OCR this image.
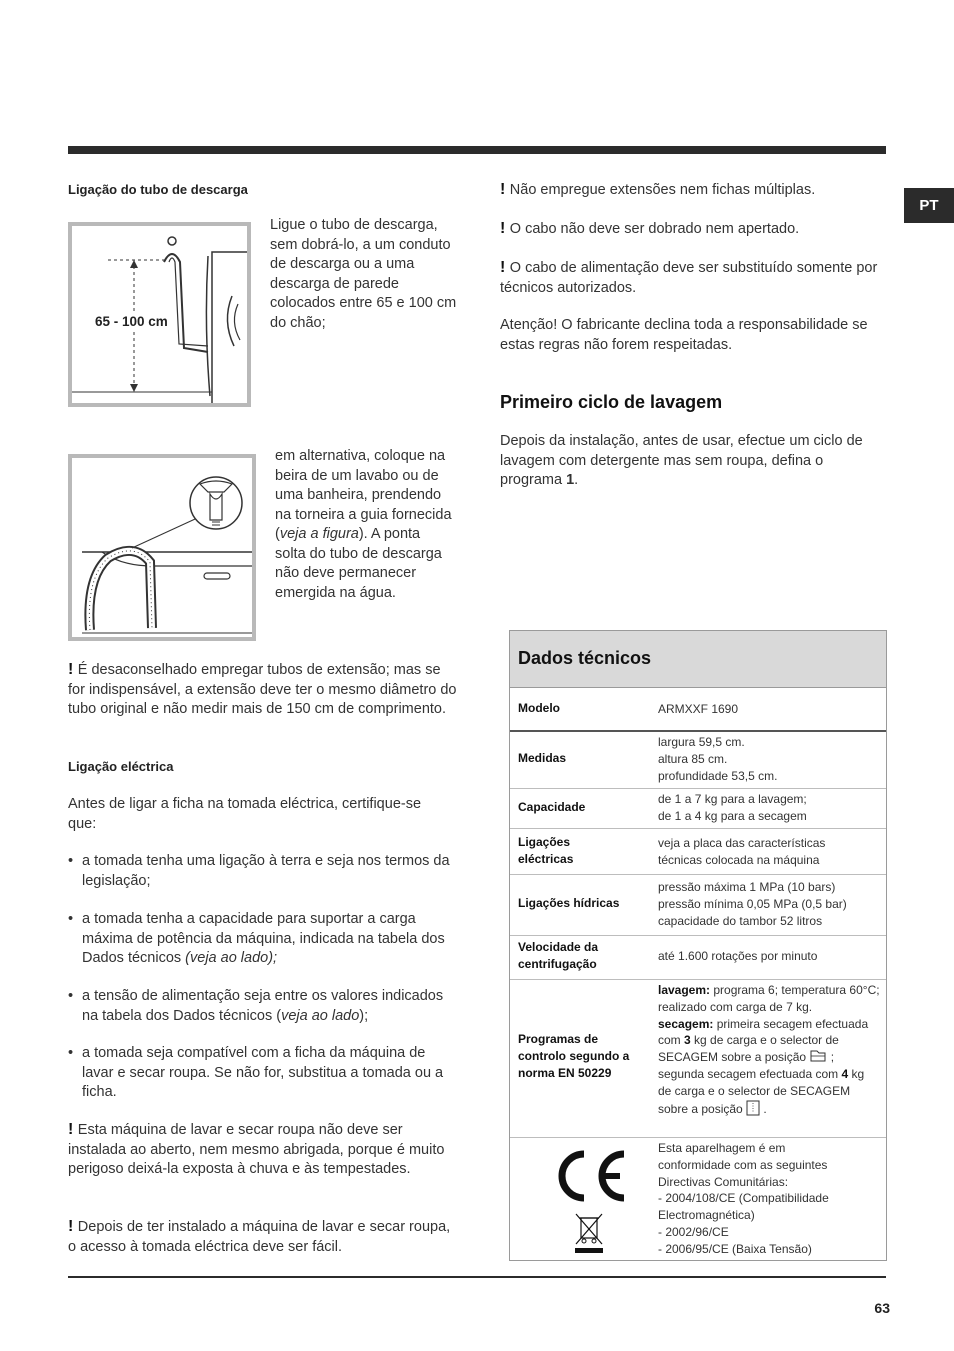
PT
Ligação do tubo de descarga
65 - 100 cm
Ligue o tubo de descarga, sem dobrá-lo, a um conduto de descarga ou a uma descarga de parede colocados entre 65 e 100 cm do chão;
em alternativa, coloque na beira de um lavabo ou de uma banheira, prendendo na torneira a guia fornecida (veja a figura). A ponta solta do tubo de descarga não deve permanecer emergida na água.
! É desaconselhado empregar tubos de extensão; mas se for indispensável, a extensão deve ter o mesmo diâmetro do tubo original e não medir mais de 150 cm de comprimento.
Ligação eléctrica
Antes de ligar a ficha na tomada eléctrica, certifique-se que:
• a tomada tenha uma ligação à terra e seja nos termos da legislação;
• a tomada tenha a capacidade para suportar a carga máxima de potência da máquina, indicada na tabela dos Dados técnicos (veja ao lado);
• a tensão de alimentação seja entre os valores indicados na tabela dos Dados técnicos (veja ao lado);
• a tomada seja compatível com a ficha da máquina de lavar e secar roupa. Se não for, substitua a tomada ou a ficha.
! Esta máquina de lavar e secar roupa não deve ser instalada ao aberto, nem mesmo abrigada, porque é muito perigoso deixá-la exposta à chuva e às tempestades.
! Depois de ter instalado a máquina de lavar e secar roupa, o acesso à tomada eléctrica deve ser fácil.
! Não empregue extensões nem fichas múltiplas.
! O cabo não deve ser dobrado nem apertado.
! O cabo de alimentação deve ser substituído somente por técnicos autorizados.
Atenção! O fabricante declina toda a responsabilidade se estas regras não forem respeitadas.
Primeiro ciclo de lavagem
Depois da instalação, antes de usar, efectue um ciclo de lavagem com detergente mas sem roupa, defina o programa 1.
Dados técnicos
Modelo	ARMXXF 1690
Medidas
largura 59,5 cm.
altura 85 cm.
profundidade 53,5 cm.
Capacidade
de 1 a 7 kg para a lavagem;
de 1 a 4 kg para a secagem
Ligações eléctricas
veja a placa das características
técnicas colocada na máquina
Ligações hídricas
pressão máxima 1 MPa (10 bars)
pressão mínima 0,05 MPa (0,5 bar)
capacidade do tambor 52 litros
Velocidade da centrifugação
até 1.600 rotações por minuto
Programas de controlo segundo a norma EN 50229
lavagem: programa 6; temperatura 60°C; realizado com carga de 7 kg.
secagem: primeira secagem efectuada com 3 kg de carga e o selector de SECAGEM sobre a posição  ;
segunda secagem efectuada com 4 kg de carga e o selector de SECAGEM sobre a posição  .
Esta aparelhagem é em
conformidade com as seguintes
Directivas Comunitárias:
- 2004/108/CE (Compatibilidade
Electromagnética)
- 2002/96/CE
- 2006/95/CE (Baixa Tensão)
63
